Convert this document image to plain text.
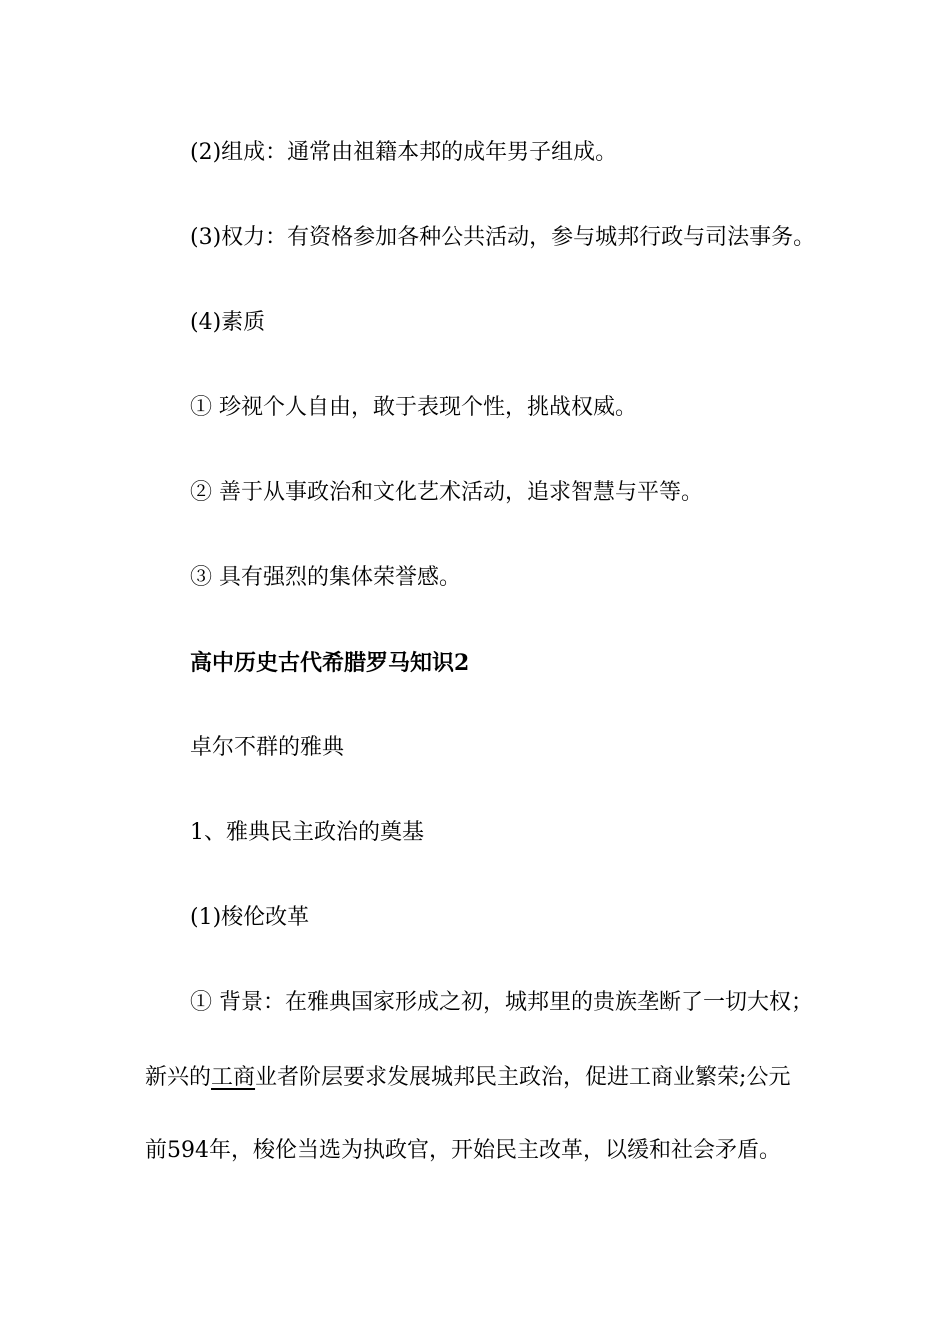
(2)组成：通常由祖籍本邦的成年男子组成。
(3)权力：有资格参加各种公共活动，参与城邦行政与司法事务。
(4)素质
① 珍视个人自由，敢于表现个性，挑战权威。
② 善于从事政治和文化艺术活动，追求智慧与平等。
③ 具有强烈的集体荣誉感。
高中历史古代希腊罗马知识2
卓尔不群的雅典
1、雅典民主政治的奠基
(1)梭伦改革
① 背景：在雅典国家形成之初，城邦里的贵族垄断了一切大权；
新兴的工商业者阶层要求发展城邦民主政治，促进工商业繁荣;公元
前594年，梭伦当选为执政官，开始民主改革，以缓和社会矛盾。
